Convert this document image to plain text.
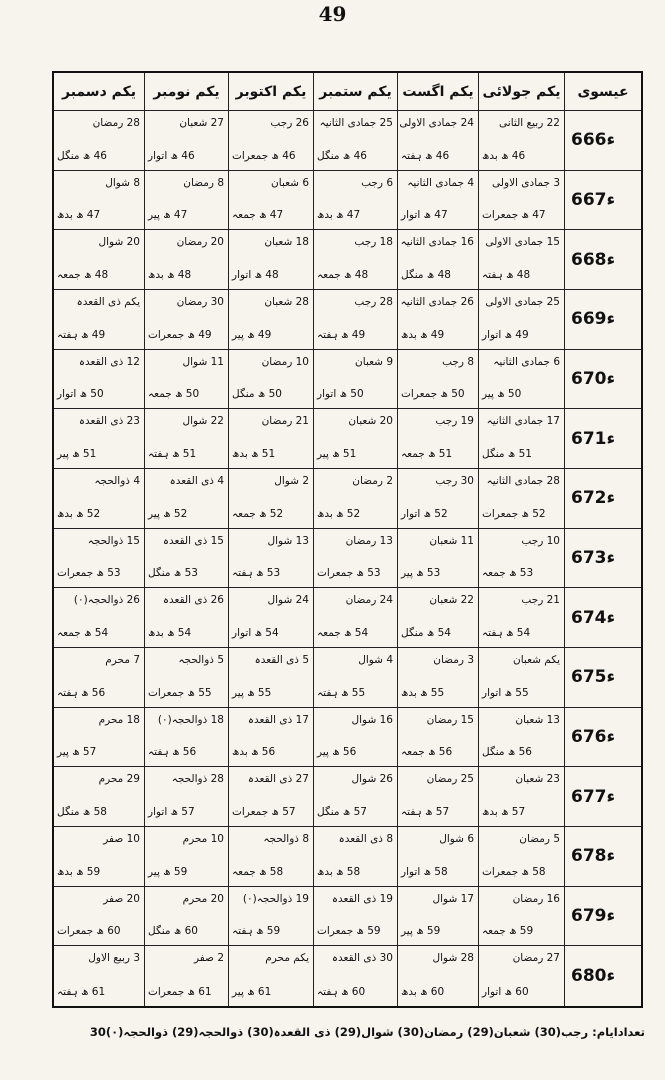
49
عیسوی
یکم جولائی
یکم اگست
یکم ستمبر
یکم اکتوبر
یکم نومبر
یکم دسمبر
666ء
22 ربیع الثانی
46 ھ بدھ
24 جمادی الاولی
46 ھ ہفتہ
25 جمادی الثانیہ
46 ھ منگل
26 رجب
46 ھ جمعرات
27 شعبان
46 ھ اتوار
28 رمضان
46 ھ منگل
667ء
3 جمادی الاولی
47 ھ جمعرات
4 جمادی الثانیہ
47 ھ اتوار
6 رجب
47 ھ بدھ
6 شعبان
47 ھ جمعہ
8 رمضان
47 ھ پیر
8 شوال
47 ھ بدھ
668ء
15 جمادی الاولی
48 ھ ہفتہ
16 جمادی الثانیہ
48 ھ منگل
18 رجب
48 ھ جمعہ
18 شعبان
48 ھ اتوار
20 رمضان
48 ھ بدھ
20 شوال
48 ھ جمعہ
669ء
25 جمادی الاولی
49 ھ اتوار
26 جمادی الثانیہ
49 ھ بدھ
28 رجب
49 ھ ہفتہ
28 شعبان
49 ھ پیر
30 رمضان
49 ھ جمعرات
یکم ذی القعدہ
49 ھ ہفتہ
670ء
6 جمادی الثانیہ
50 ھ پیر
8 رجب
50 ھ جمعرات
9 شعبان
50 ھ اتوار
10 رمضان
50 ھ منگل
11 شوال
50 ھ جمعہ
12 ذی القعدہ
50 ھ اتوار
671ء
17 جمادی الثانیہ
51 ھ منگل
19 رجب
51 ھ جمعہ
20 شعبان
51 ھ پیر
21 رمضان
51 ھ بدھ
22 شوال
51 ھ ہفتہ
23 ذی القعدہ
51 ھ پیر
672ء
28 جمادی الثانیہ
52 ھ جمعرات
30 رجب
52 ھ اتوار
2 رمضان
52 ھ بدھ
2 شوال
52 ھ جمعہ
4 ذی القعدہ
52 ھ پیر
4 ذوالحجہ
52 ھ بدھ
673ء
10 رجب
53 ھ جمعہ
11 شعبان
53 ھ پیر
13 رمضان
53 ھ جمعرات
13 شوال
53 ھ ہفتہ
15 ذی القعدہ
53 ھ منگل
15 ذوالحجہ
53 ھ جمعرات
674ء
21 رجب
54 ھ ہفتہ
22 شعبان
54 ھ منگل
24 رمضان
54 ھ جمعہ
24 شوال
54 ھ اتوار
26 ذی القعدہ
54 ھ بدھ
26 ذوالحجہ(٠)
54 ھ جمعہ
675ء
یکم شعبان
55 ھ اتوار
3 رمضان
55 ھ بدھ
4 شوال
55 ھ ہفتہ
5 ذی القعدہ
55 ھ پیر
5 ذوالحجہ
55 ھ جمعرات
7 محرم
56 ھ ہفتہ
676ء
13 شعبان
56 ھ منگل
15 رمضان
56 ھ جمعہ
16 شوال
56 ھ پیر
17 ذی القعدہ
56 ھ بدھ
18 ذوالحجہ(٠)
56 ھ ہفتہ
18 محرم
57 ھ پیر
677ء
23 شعبان
57 ھ بدھ
25 رمضان
57 ھ ہفتہ
26 شوال
57 ھ منگل
27 ذی القعدہ
57 ھ جمعرات
28 ذوالحجہ
57 ھ اتوار
29 محرم
58 ھ منگل
678ء
5 رمضان
58 ھ جمعرات
6 شوال
58 ھ اتوار
8 ذی القعدہ
58 ھ بدھ
8 ذوالحجہ
58 ھ جمعہ
10 محرم
59 ھ پیر
10 صفر
59 ھ بدھ
679ء
16 رمضان
59 ھ جمعہ
17 شوال
59 ھ پیر
19 ذی القعدہ
59 ھ جمعرات
19 ذوالحجہ(٠)
59 ھ ہفتہ
20 محرم
60 ھ منگل
20 صفر
60 ھ جمعرات
680ء
27 رمضان
60 ھ اتوار
28 شوال
60 ھ بدھ
30 ذی القعدہ
60 ھ ہفتہ
یکم محرم
61 ھ پیر
2 صفر
61 ھ جمعرات
3 ربیع الاول
61 ھ ہفتہ
تعدادایام: رجب(30) شعبان(29) رمضان(30) شوال(29) ذی القعدہ(30) ذوالحجہ(29) ذوالحجہ(٠)30
